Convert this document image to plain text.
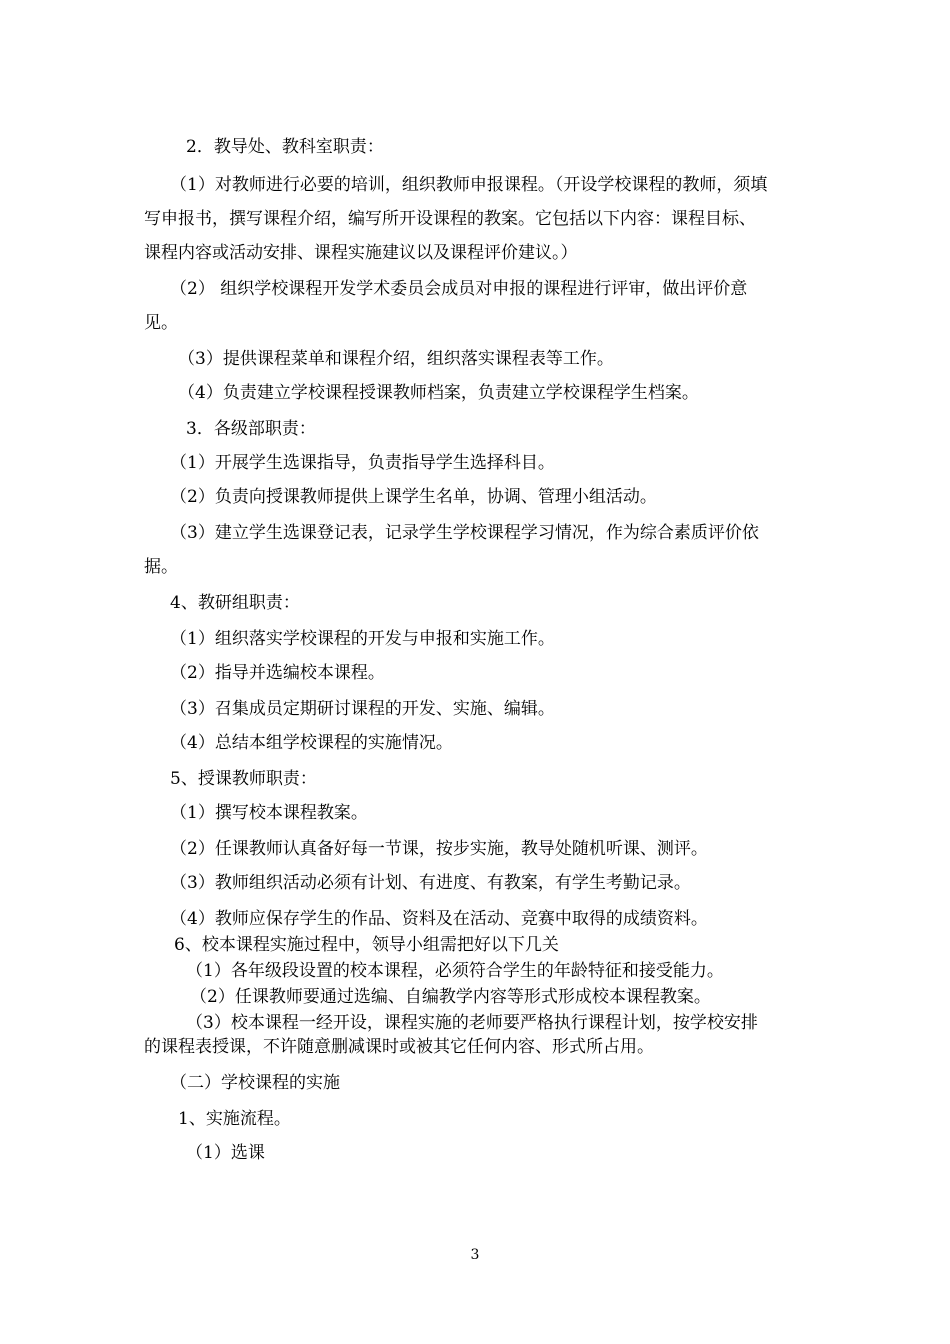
2．教导处、教科室职责：
（1）对教师进行必要的培训，组织教师申报课程。（开设学校课程的教师，须填
写申报书，撰写课程介绍，编写所开设课程的教案。它包括以下内容：课程目标、
课程内容或活动安排、课程实施建议以及课程评价建议。）
（2） 组织学校课程开发学术委员会成员对申报的课程进行评审，做出评价意
见。
（3）提供课程菜单和课程介绍，组织落实课程表等工作。
（4）负责建立学校课程授课教师档案，负责建立学校课程学生档案。
3．各级部职责：
（1）开展学生选课指导，负责指导学生选择科目。
（2）负责向授课教师提供上课学生名单，协调、管理小组活动。
（3）建立学生选课登记表，记录学生学校课程学习情况，作为综合素质评价依
据。
4、教研组职责：
（1）组织落实学校课程的开发与申报和实施工作。
（2）指导并选编校本课程。
（3）召集成员定期研讨课程的开发、实施、编辑。
（4）总结本组学校课程的实施情况。
5、授课教师职责：
（1）撰写校本课程教案。
（2）任课教师认真备好每一节课，按步实施，教导处随机听课、测评。
（3）教师组织活动必须有计划、有进度、有教案，有学生考勤记录。
（4）教师应保存学生的作品、资料及在活动、竞赛中取得的成绩资料。
6、校本课程实施过程中，领导小组需把好以下几关
（1）各年级段设置的校本课程，必须符合学生的年龄特征和接受能力。
（2）任课教师要通过选编、自编教学内容等形式形成校本课程教案。
（3）校本课程一经开设，课程实施的老师要严格执行课程计划，按学校安排
的课程表授课，不许随意删减课时或被其它任何内容、形式所占用。
（二）学校课程的实施
1、实施流程。
（1）选课
3
